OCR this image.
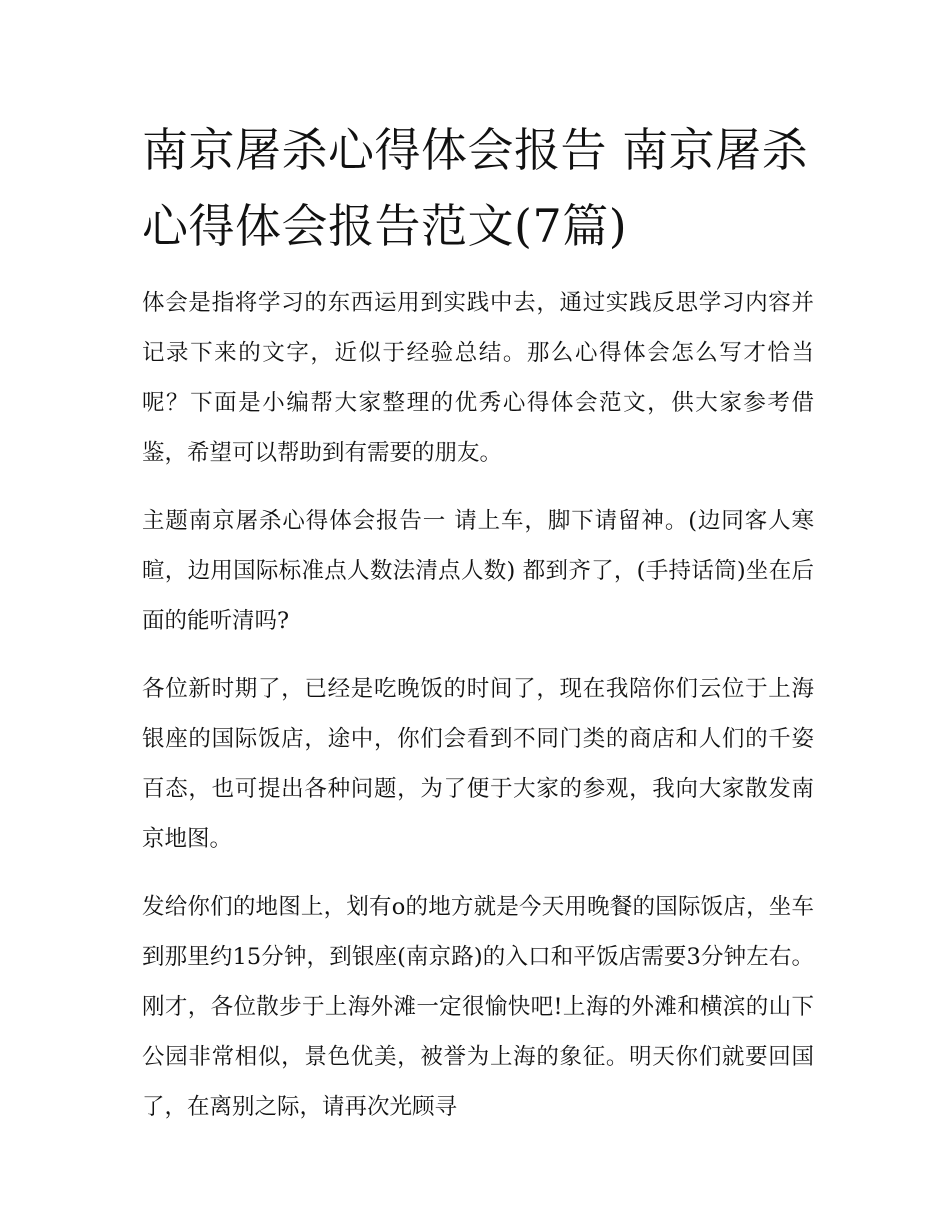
南京屠杀心得体会报告 南京屠杀心得体会报告范文(7篇)

体会是指将学习的东西运用到实践中去，通过实践反思学习内容并记录下来的文字，近似于经验总结。那么心得体会怎么写才恰当呢？下面是小编帮大家整理的优秀心得体会范文，供大家参考借鉴，希望可以帮助到有需要的朋友。

主题南京屠杀心得体会报告一 请上车，脚下请留神。(边同客人寒暄，边用国际标准点人数法清点人数) 都到齐了，(手持话筒)坐在后面的能听清吗?

各位新时期了，已经是吃晚饭的时间了，现在我陪你们云位于上海银座的国际饭店，途中，你们会看到不同门类的商店和人们的千姿百态，也可提出各种问题，为了便于大家的参观，我向大家散发南京地图。

发给你们的地图上，划有o的地方就是今天用晚餐的国际饭店，坐车到那里约15分钟，到银座(南京路)的入口和平饭店需要3分钟左右。刚才，各位散步于上海外滩一定很愉快吧!上海的外滩和横滨的山下公园非常相似，景色优美，被誉为上海的象征。明天你们就要回国了，在离别之际，请再次光顾寻
